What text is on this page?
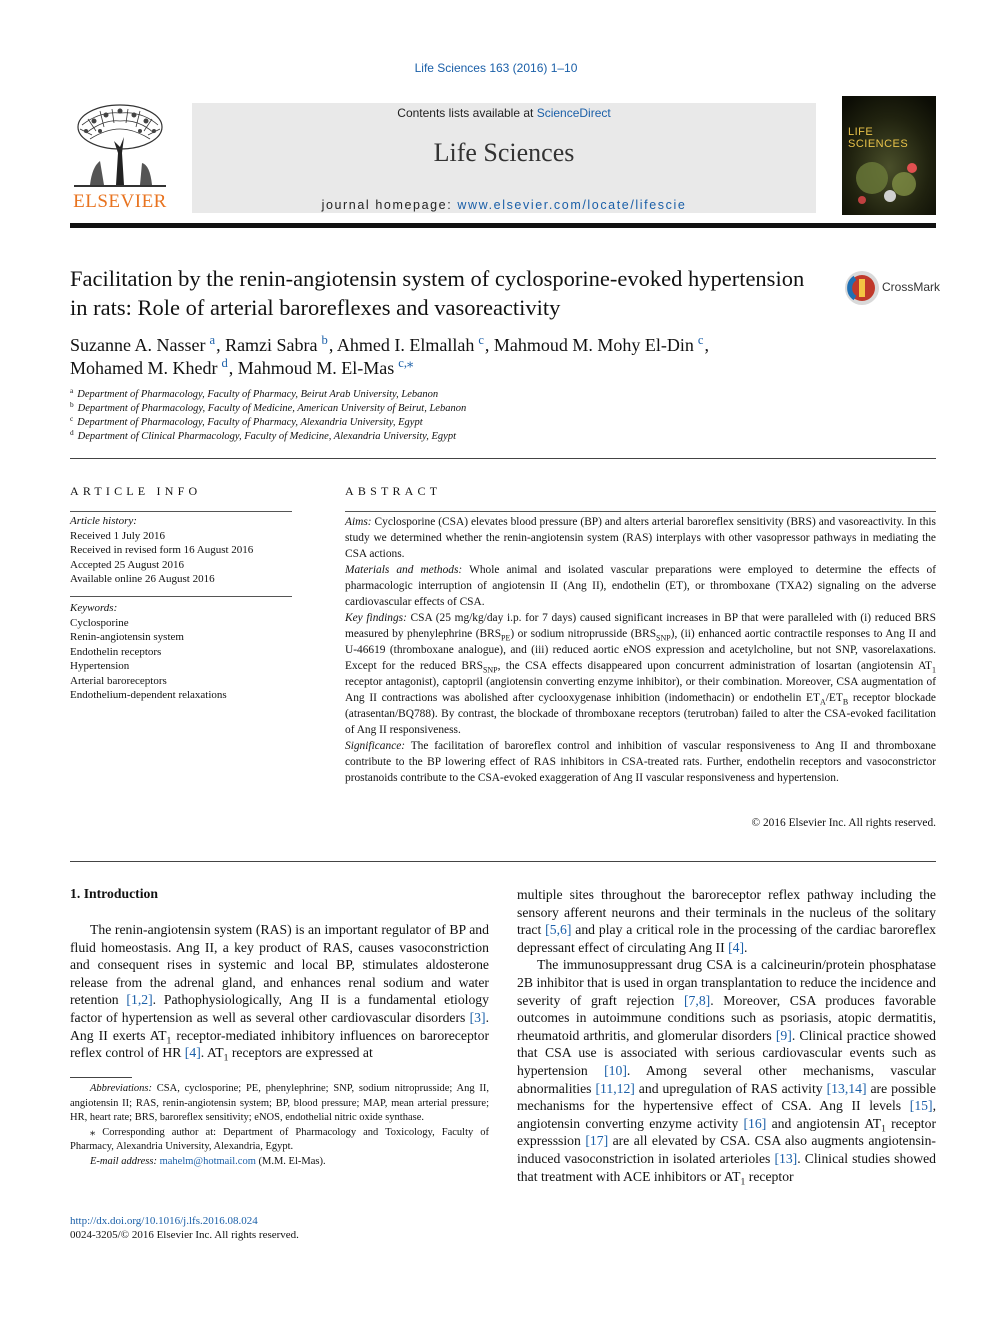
Life Sciences 163 (2016) 1–10
ELSEVIER
Contents lists available at ScienceDirect
Life Sciences
journal homepage: www.elsevier.com/locate/lifescie
LIFE SCIENCES
Facilitation by the renin-angiotensin system of cyclosporine-evoked hypertension in rats: Role of arterial baroreflexes and vasoreactivity
CrossMark
Suzanne A. Nasser $^a$, Ramzi Sabra $^b$, Ahmed I. Elmallah $^c$, Mahmoud M. Mohy El-Din $^c$,
Mohamed M. Khedr $^d$, Mahmoud M. El-Mas $^{c,⁎}$
$^a$ Department of Pharmacology, Faculty of Pharmacy, Beirut Arab University, Lebanon
$^b$ Department of Pharmacology, Faculty of Medicine, American University of Beirut, Lebanon
$^c$ Department of Pharmacology, Faculty of Pharmacy, Alexandria University, Egypt
$^d$ Department of Clinical Pharmacology, Faculty of Medicine, Alexandria University, Egypt
ARTICLE INFO	ABSTRACT
Article history:
Received 1 July 2016
Received in revised form 16 August 2016
Accepted 25 August 2016
Available online 26 August 2016
Keywords:
Cyclosporine
Renin-angiotensin system
Endothelin receptors
Hypertension
Arterial baroreceptors
Endothelium-dependent relaxations

Aims: Cyclosporine (CSA) elevates blood pressure (BP) and alters arterial baroreflex sensitivity (BRS) and vasoreactivity. In this study we determined whether the renin-angiotensin system (RAS) interplays with other vasopressor pathways in mediating the CSA actions.

Materials and methods: Whole animal and isolated vascular preparations were employed to determine the effects of pharmacologic interruption of angiotensin II (Ang II), endothelin (ET), or thromboxane (TXA2) signaling on the adverse cardiovascular effects of CSA.

Key findings: CSA (25 mg/kg/day i.p. for 7 days) caused significant increases in BP that were paralleled with (i) reduced BRS measured by phenylephrine $(BRS_{PE})$ or sodium nitroprusside $(BRS_{SNP})$, (ii) enhanced aortic contractile responses to Ang II and U-46619 (thromboxane analogue), and (iii) reduced aortic eNOS expression and acetylcholine, but not SNP, vasorelaxations. Except for the reduced $BRS_{SNP}$, the CSA effects disappeared upon concurrent administration of losartan (angiotensin $AT_1$ receptor antagonist), captopril (angiotensin converting enzyme inhibitor), or their combination. Moreover, CSA augmentation of Ang II contractions was abolished after cyclooxygenase inhibition (indomethacin) or endothelin $ET_A/ET_B$ receptor blockade (atrasentan/BQ788). By contrast, the blockade of thromboxane receptors (terutroban) failed to alter the CSA-evoked facilitation of Ang II responsiveness.

Significance: The facilitation of baroreflex control and inhibition of vascular responsiveness to Ang II and thromboxane contribute to the BP lowering effect of RAS inhibitors in CSA-treated rats. Further, endothelin receptors and vasoconstrictor prostanoids contribute to the CSA-evoked exaggeration of Ang II vascular responsiveness and hypertension.

© 2016 Elsevier Inc. All rights reserved.
1. Introduction

The renin-angiotensin system (RAS) is an important regulator of BP and fluid homeostasis. Ang II, a key product of RAS, causes vasoconstriction and consequent rises in systemic and local BP, stimulates aldosterone release from the adrenal gland, and enhances renal sodium and water retention [1,2]. Pathophysiologically, Ang II is a fundamental etiology factor of hypertension as well as several other cardiovascular disorders [3]. Ang II exerts $AT_1$ receptor-mediated inhibitory influences on baroreceptor reflex control of HR [4]. $AT_1$ receptors are expressed at

multiple sites throughout the baroreceptor reflex pathway including the sensory afferent neurons and their terminals in the nucleus of the solitary tract [5,6] and play a critical role in the processing of the cardiac baroreflex depressant effect of circulating Ang II [4].

The immunosuppressant drug CSA is a calcineurin/protein phosphatase 2B inhibitor that is used in organ transplantation to reduce the incidence and severity of graft rejection [7,8]. Moreover, CSA produces favorable outcomes in autoimmune conditions such as psoriasis, atopic dermatitis, rheumatoid arthritis, and glomerular disorders [9]. Clinical practice showed that CSA use is associated with serious cardiovascular events such as hypertension [10]. Among several other mechanisms, vascular abnormalities [11,12] and upregulation of RAS activity [13,14] are possible mechanisms for the hypertensive effect of CSA. Ang II levels [15], angiotensin converting enzyme activity [16] and angiotensin $AT_1$ receptor expresssion [17] are all elevated by CSA. CSA also augments angiotensin-induced vasoconstriction in isolated arterioles [13]. Clinical studies showed that treatment with ACE inhibitors or $AT_1$ receptor

Abbreviations: CSA, cyclosporine; PE, phenylephrine; SNP, sodium nitroprusside; Ang II, angiotensin II; RAS, renin-angiotensin system; BP, blood pressure; MAP, mean arterial pressure; HR, heart rate; BRS, baroreflex sensitivity; eNOS, endothelial nitric oxide synthase.

⁎ Corresponding author at: Department of Pharmacology and Toxicology, Faculty of Pharmacy, Alexandria University, Alexandria, Egypt.

E-mail address: mahelm@hotmail.com (M.M. El-Mas).

http://dx.doi.org/10.1016/j.lfs.2016.08.024
0024-3205/© 2016 Elsevier Inc. All rights reserved.
